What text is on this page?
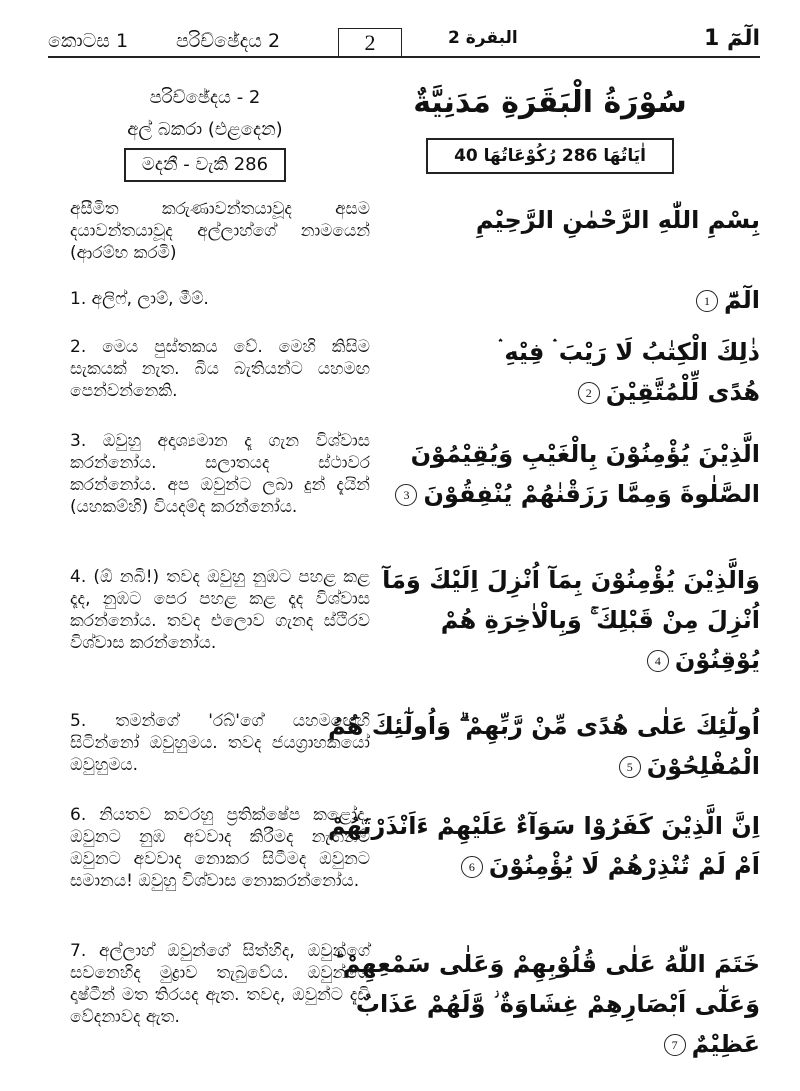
කොටස 1	පරිච්ඡේදය 2	2	البقرة 2	الٓمٓ 1
පරිච්ඡේදය - 2
අල් බකරා (එළදෙන)
මදනී - වැකි 286
سُوْرَةُ الْبَقَرَةِ مَدَنِيَّةٌ
اٰيَاتُهَا 286 رُكُوْعَاتُهَا 40
අසීමිත කරුණාවන්තයාවූද අසම දයාවන්තයාවූද අල්ලාහ්ගේ නාමයෙන් (ආරම්භ කරමි)
بِسْمِ اللّٰهِ الرَّحْمٰنِ الرَّحِيْمِ
1. අලිෆ්, ලාම්, මීම්.	الٓمّٓ1
2. මෙය පුස්තකය වේ. මෙහි කිසිම සැකයක් නැත. බිය බැතියන්ට යහමඟ පෙන්වන්නෙකි.
ذٰلِكَ الْكِتٰبُ لَا رَيْبَ ۛ فِيْهِ ۛ
هُدًى لِّلْمُتَّقِيْنَ2
3. ඔවුහු අදෘශ්‍යමාන දෑ ගැන විශ්වාස කරන්නෝය. සලාතයද ස්ථාවර කරන්නෝය. අප ඔවුන්ට ලබා දුන් දැයින් (යහකම්හි) වියදම්ද කරන්නෝය.
الَّذِيْنَ يُؤْمِنُوْنَ بِالْغَيْبِ وَيُقِيْمُوْنَ
الصَّلٰوةَ وَمِمَّا رَزَقْنٰهُمْ يُنْفِقُوْنَ3
4. (ඕ නබි!) තවද ඔවුහු නුඹට පහළ කළ දෑද, නුඹට පෙර පහළ කළ දෑද විශ්වාස කරන්නෝය. තවද එලොව ගැනද ස්ථිරව විශ්වාස කරන්නෝය.
وَالَّذِيْنَ يُؤْمِنُوْنَ بِمَآ اُنْزِلَ اِلَيْكَ وَمَآ
اُنْزِلَ مِنْ قَبْلِكَ ۚ وَبِالْاٰخِرَةِ هُمْ
يُوْقِنُوْنَ4
5. තමන්ගේ 'රබ්'ගේ යහමඟෙහි සිටින්නෝ ඔවුහුමය. තවද ජයග්‍රාහකයෝ ඔවුහුමය.
اُولٰٓئِكَ عَلٰى هُدًى مِّنْ رَّبِّهِمْ ۗ وَاُولٰٓئِكَ هُمُ
الْمُفْلِحُوْنَ5
6. නියතව කවරහු ප්‍රතික්ෂේප කළෝද, ඔවුනට නුඹ අවවාද කිරීමද නැතිනම් ඔවුනට අවවාද නොකර සිටීමද ඔවුනට සමානය! ඔවුහු විශ්වාස නොකරන්නෝය.
اِنَّ الَّذِيْنَ كَفَرُوْا سَوَآءٌ عَلَيْهِمْ ءَاَنْذَرْتَهُمْ
اَمْ لَمْ تُنْذِرْهُمْ لَا يُؤْمِنُوْنَ6
7. අල්ලාහ් ඔවුන්ගේ සිත්හිද, ඔවුන්ගේ සවනෙහිද මුද්‍රාව තැබුවේය. ඔවුන්ගේ දෘෂ්ටීන් මත තිරයද ඇත. තවද, ඔවුන්ට දැඩි වේදනාවද ඇත.
خَتَمَ اللّٰهُ عَلٰى قُلُوْبِهِمْ وَعَلٰى سَمْعِهِمْ ؕ
وَعَلٰٓى اَبْصَارِهِمْ غِشَاوَةٌ ؗ وَّلَهُمْ عَذَابٌ
عَظِيْمٌ7
